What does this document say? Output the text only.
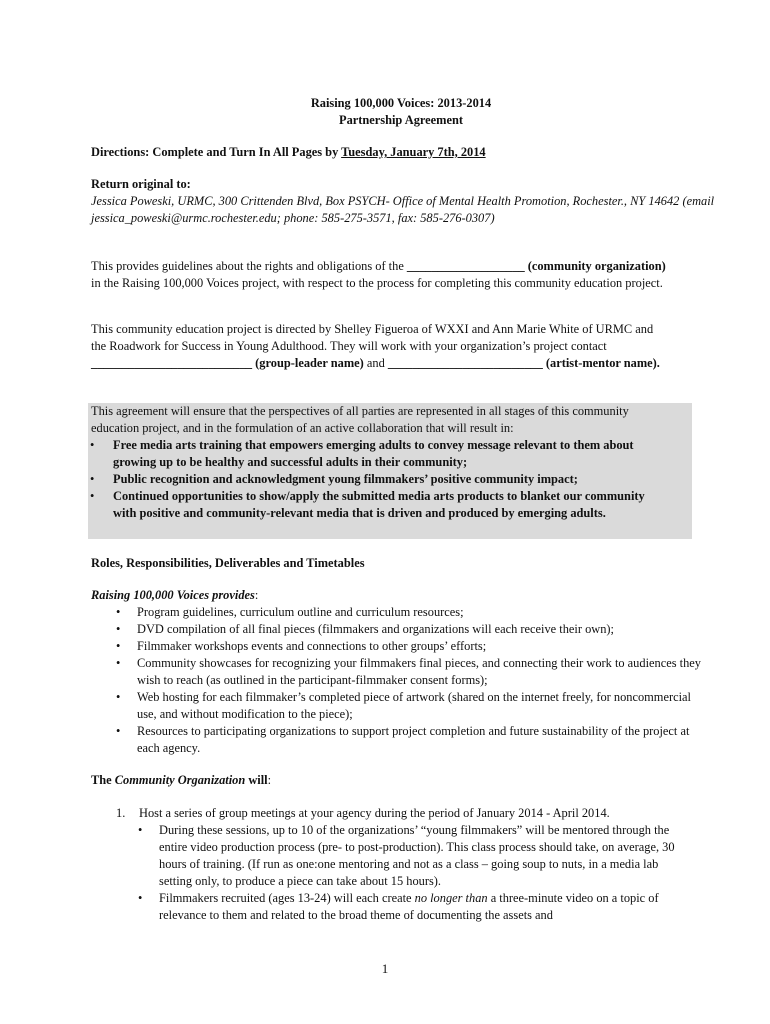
Raising 100,000 Voices: 2013-2014

Partnership Agreement

Directions: Complete and Turn In All Pages by Tuesday, January 7th, 2014

Return original to:

Jessica Poweski, URMC, 300 Crittenden Blvd, Box PSYCH- Office of Mental Health Promotion, Rochester., NY 14642 (email jessica_poweski@urmc.rochester.edu; phone: 585-275-3571, fax: 585-276-0307)

This provides guidelines about the rights and obligations of the ___________________ (community organization) in the Raising 100,000 Voices project, with respect to the process for completing this community education project.

This community education project is directed by Shelley Figueroa of WXXI and Ann Marie White of URMC and the Roadwork for Success in Young Adulthood. They will work with your organization’s project contact __________________________ (group-leader name) and _________________________ (artist-mentor name).

This agreement will ensure that the perspectives of all parties are represented in all stages of this community education project, and in the formulation of an active collaboration that will result in:

• Free media arts training that empowers emerging adults to convey message relevant to them about growing up to be healthy and successful adults in their community;
• Public recognition and acknowledgment young filmmakers’ positive community impact;
• Continued opportunities to show/apply the submitted media arts products to blanket our community with positive and community-relevant media that is driven and produced by emerging adults.

Roles, Responsibilities, Deliverables and Timetables

Raising 100,000 Voices provides:

• Program guidelines, curriculum outline and curriculum resources;
• DVD compilation of all final pieces (filmmakers and organizations will each receive their own);
• Filmmaker workshops events and connections to other groups’ efforts;
• Community showcases for recognizing your filmmakers final pieces, and connecting their work to audiences they wish to reach (as outlined in the participant-filmmaker consent forms);
• Web hosting for each filmmaker’s completed piece of artwork (shared on the internet freely, for noncommercial use, and without modification to the piece);
• Resources to participating organizations to support project completion and future sustainability of the project at each agency.

The Community Organization will:

1. Host a series of group meetings at your agency during the period of January 2014 - April 2014.

• During these sessions, up to 10 of the organizations’ “young filmmakers” will be mentored through the entire video production process (pre- to post-production). This class process should take, on average, 30 hours of training. (If run as one:one mentoring and not as a class – going soup to nuts, in a media lab setting only, to produce a piece can take about 15 hours).
• Filmmakers recruited (ages 13-24) will each create no longer than a three-minute video on a topic of relevance to them and related to the broad theme of documenting the assets and
1
